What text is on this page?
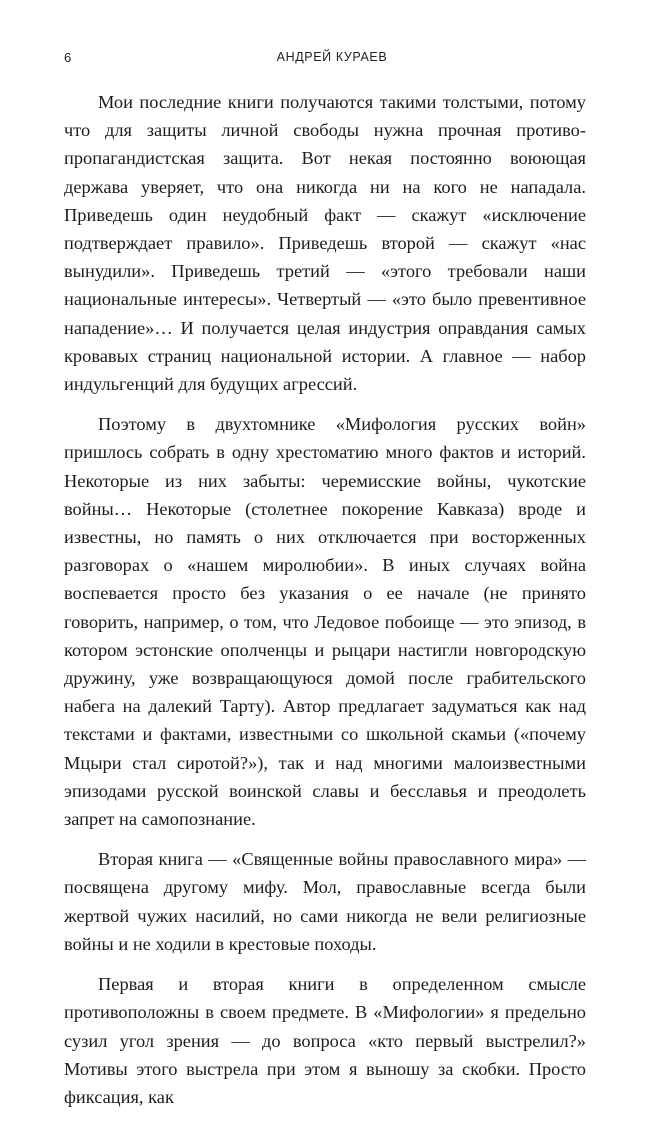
6	АНДРЕЙ КУРАЕВ

Мои последние книги получаются такими толстыми, потому что для защиты личной свободы нужна прочная противо-пропагандистская защита. Вот некая постоянно воюющая держава уверяет, что она никогда ни на кого не нападала. Приведешь один неудобный факт — скажут «исключение подтверждает правило». Приведешь второй — скажут «нас вынудили». Приведешь третий — «этого требовали наши национальные интересы». Четвертый — «это было превентивное нападение»… И получается целая индустрия оправдания самых кровавых страниц национальной истории. А главное — набор индульгенций для будущих агрессий.

Поэтому в двухтомнике «Мифология русских войн» пришлось собрать в одну хрестоматию много фактов и историй. Некоторые из них забыты: черемисские войны, чукотские войны… Некоторые (столетнее покорение Кавказа) вроде и известны, но память о них отключается при восторженных разговорах о «нашем миролюбии». В иных случаях война воспевается просто без указания о ее начале (не принято говорить, например, о том, что Ледовое побоище — это эпизод, в котором эстонские ополченцы и рыцари настигли новгородскую дружину, уже возвращающуюся домой после грабительского набега на далекий Тарту). Автор предлагает задуматься как над текстами и фактами, известными со школьной скамьи («почему Мцыри стал сиротой?»), так и над многими малоизвестными эпизодами русской воинской славы и бесславья и преодолеть запрет на самопознание.

Вторая книга — «Священные войны православного мира» — посвящена другому мифу. Мол, православные всегда были жертвой чужих насилий, но сами никогда не вели религиозные войны и не ходили в крестовые походы.

Первая и вторая книги в определенном смысле противоположны в своем предмете. В «Мифологии» я предельно сузил угол зрения — до вопроса «кто первый выстрелил?» Мотивы этого выстрела при этом я выношу за скобки. Просто фиксация, как
